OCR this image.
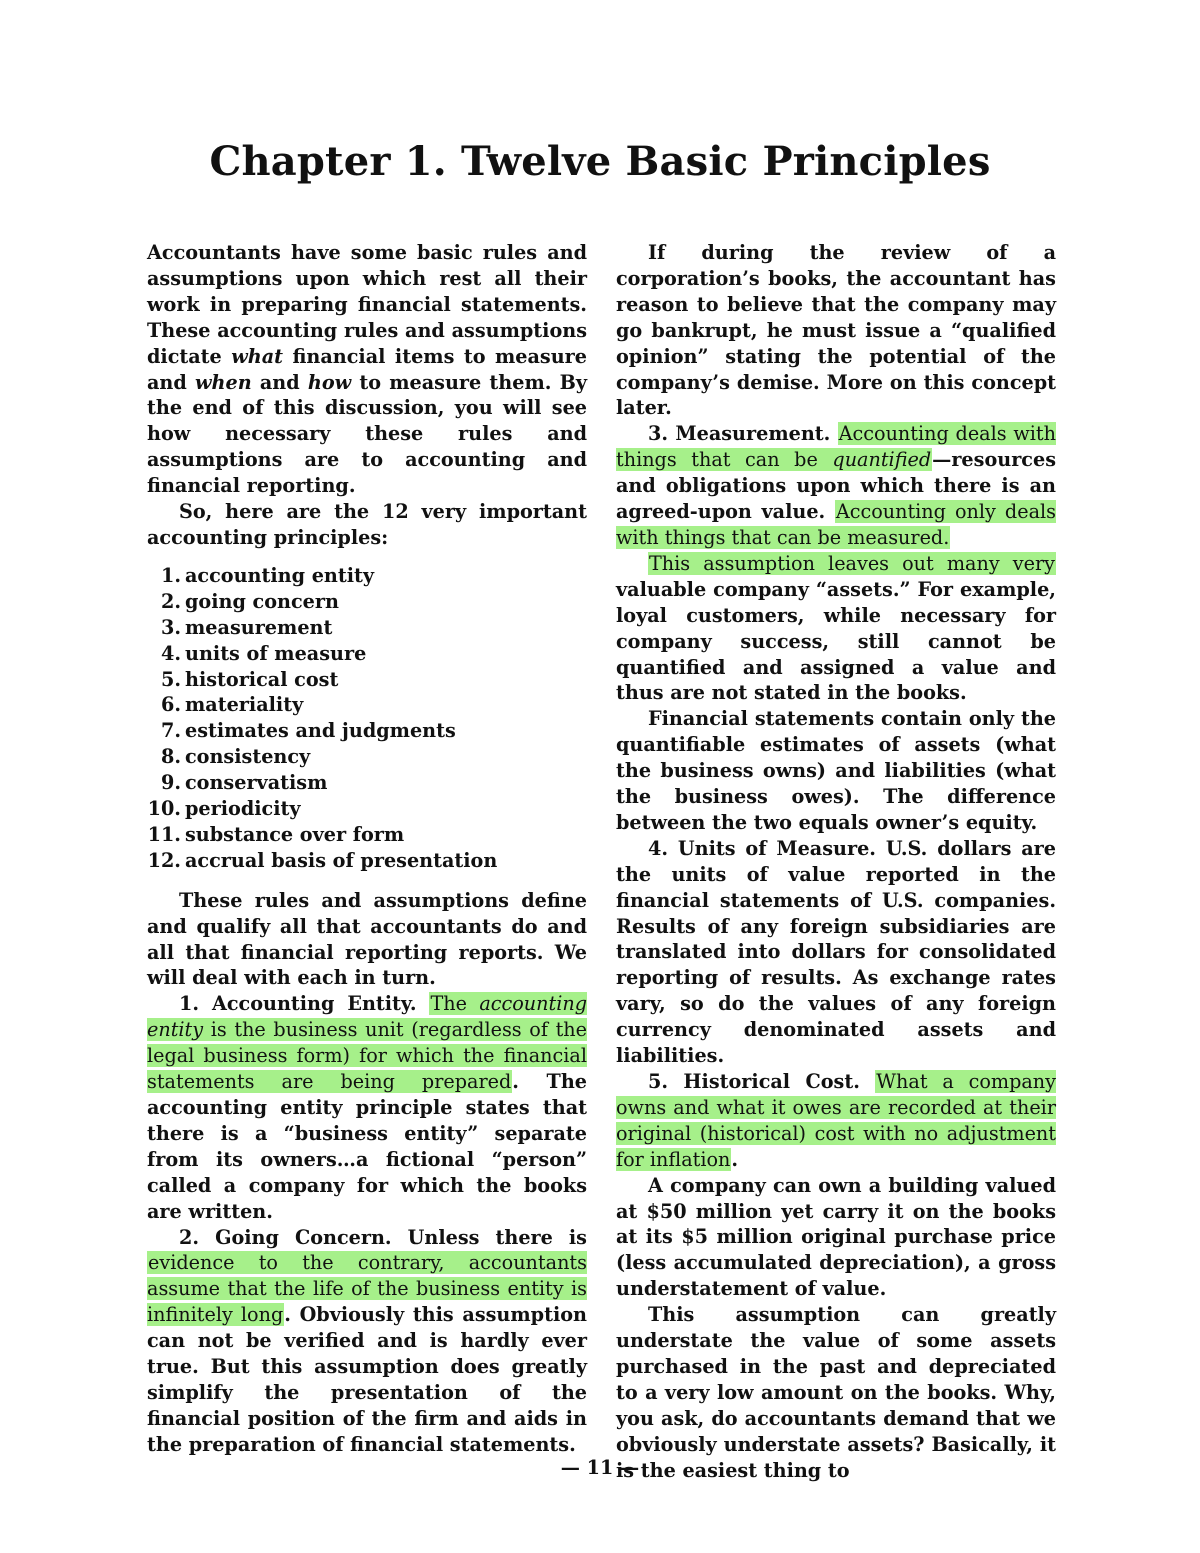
Chapter 1. Twelve Basic Principles

Accountants have some basic rules and assumptions upon which rest all their work in preparing financial statements. These accounting rules and assumptions dictate what financial items to measure and when and how to measure them. By the end of this discussion, you will see how necessary these rules and assumptions are to accounting and financial reporting.

So, here are the 12 very important accounting principles:

1. accounting entity
2. going concern
3. measurement
4. units of measure
5. historical cost
6. materiality
7. estimates and judgments
8. consistency
9. conservatism
10. periodicity
11. substance over form
12. accrual basis of presentation

These rules and assumptions define and qualify all that accountants do and all that financial reporting reports. We will deal with each in turn.

1. Accounting Entity. The accounting entity is the business unit (regardless of the legal business form) for which the financial statements are being prepared. The accounting entity principle states that there is a “business entity” separate from its owners…a fictional “person” called a company for which the books are written.

2. Going Concern. Unless there is evidence to the contrary, accountants assume that the life of the business entity is infinitely long. Obviously this assumption can not be verified and is hardly ever true. But this assumption does greatly simplify the presentation of the financial position of the firm and aids in the preparation of financial statements.

If during the review of a corporation’s books, the accountant has reason to believe that the company may go bankrupt, he must issue a “qualified opinion” stating the potential of the company’s demise. More on this concept later.

3. Measurement. Accounting deals with things that can be quantified—resources and obligations upon which there is an agreed-upon value. Accounting only deals with things that can be measured.

This assumption leaves out many very valuable company “assets.” For example, loyal customers, while necessary for company success, still cannot be quantified and assigned a value and thus are not stated in the books.

Financial statements contain only the quantifiable estimates of assets (what the business owns) and liabilities (what the business owes). The difference between the two equals owner’s equity.

4. Units of Measure. U.S. dollars are the units of value reported in the financial statements of U.S. companies. Results of any foreign subsidiaries are translated into dollars for consolidated reporting of results. As exchange rates vary, so do the values of any foreign currency denominated assets and liabilities.

5. Historical Cost. What a company owns and what it owes are recorded at their original (historical) cost with no adjustment for inflation.

A company can own a building valued at $50 million yet carry it on the books at its $5 million original purchase price (less accumulated depreciation), a gross understatement of value.

This assumption can greatly understate the value of some assets purchased in the past and depreciated to a very low amount on the books. Why, you ask, do accountants demand that we obviously understate assets? Basically, it is the easiest thing to

— 11 —
